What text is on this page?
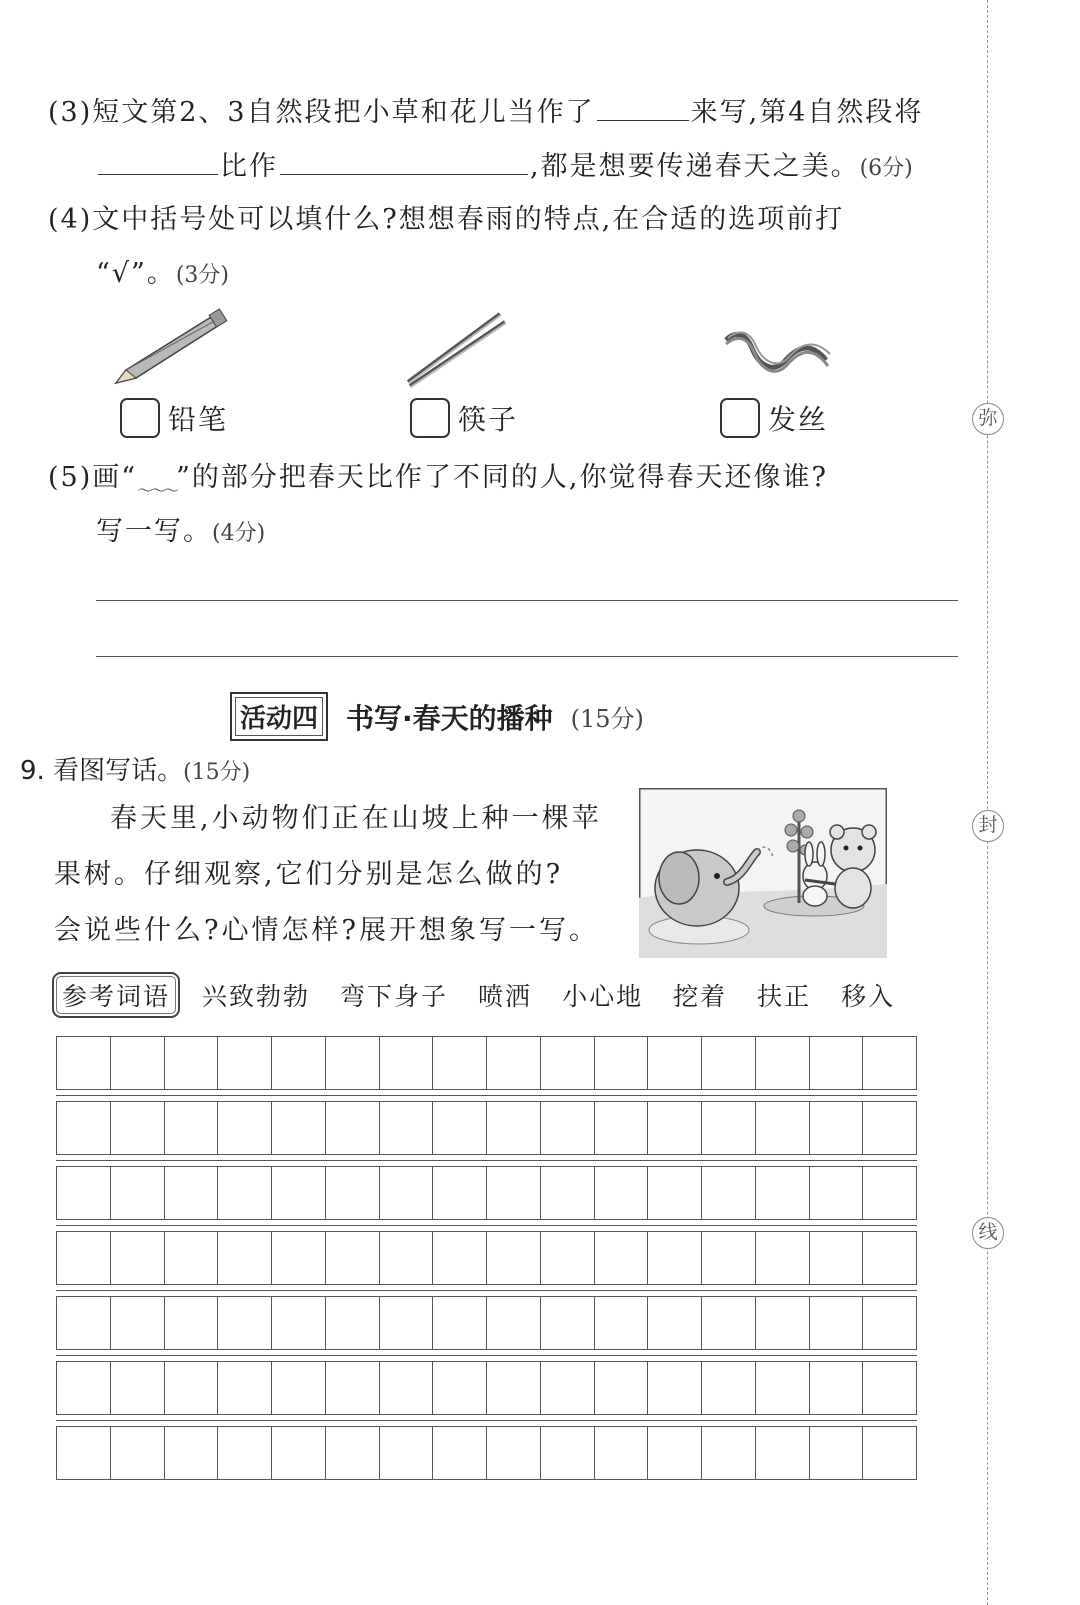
弥
封
线
(3)短文第2、3自然段把小草和花儿当作了	来写,第4自然段将
比作	,都是想要传递春天之美。(6分)
(4)文中括号处可以填什么?想想春雨的特点,在合适的选项前打
“√”。(3分)
铅笔	筷子	发丝
(5)画“$_{\sim\sim\sim}$”的部分把春天比作了不同的人,你觉得春天还像谁?
写一写。(4分)
活动四	书写·春天的播种 (15分)
9. 看图写话。(15分)
春天里,小动物们正在山坡上种一棵苹
果树。仔细观察,它们分别是怎么做的?
会说些什么?心情怎样?展开想象写一写。
参考词语	兴致勃勃 弯下身子 喷洒 小心地 挖着 扶正 移入
